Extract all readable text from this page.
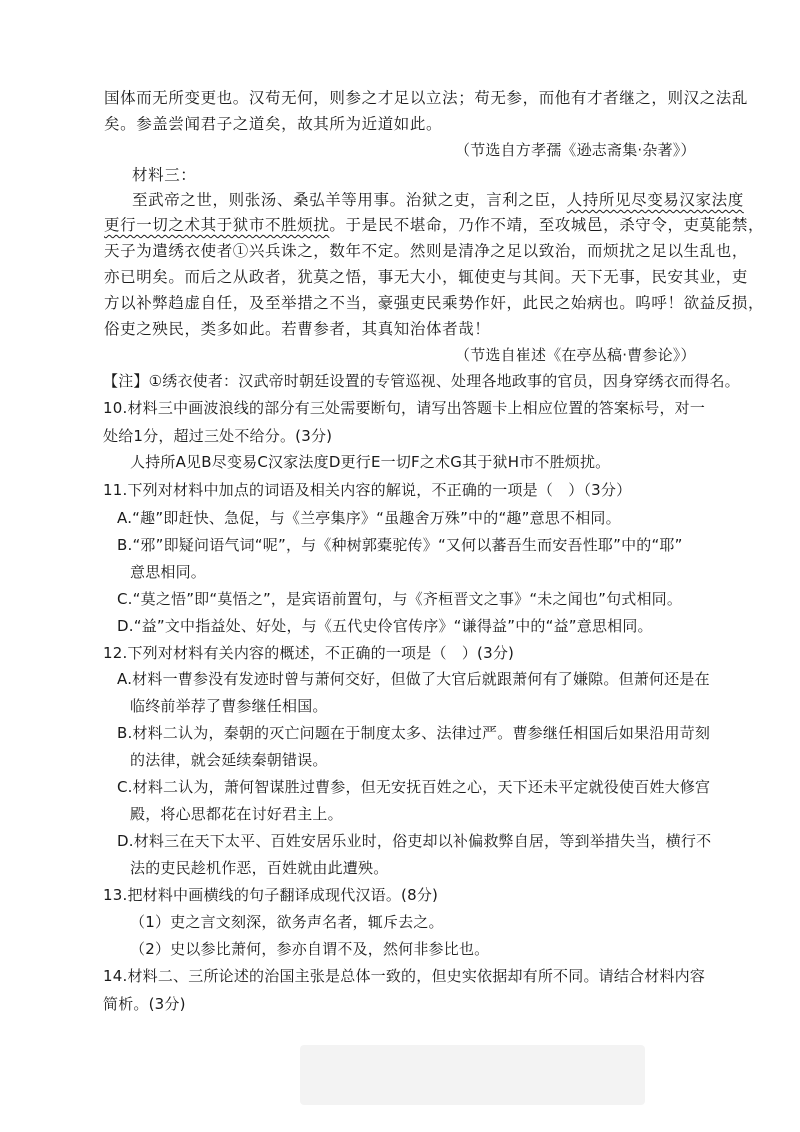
国体而无所变更也。汉苟无何，则参之才足以立法；苟无参，而他有才者继之，则汉之法乱
矣。参盖尝闻君子之道矣，故其所为近道如此。
（节选自方孝孺《逊志斋集·杂著》）
材料三：
至武帝之世，则张汤、桑弘羊等用事。治狱之吏，言利之臣，人持所见尽变易汉家法度
更行一切之术其于狱市不胜烦扰。于是民不堪命，乃作不靖，至攻城邑，杀守令，吏莫能禁，
天子为遣绣衣使者①兴兵诛之，数年不定。然则是清净之足以致治，而烦扰之足以生乱也，
亦已明矣。而后之从政者，犹莫之悟，事无大小，辄使吏与其间。天下无事，民安其业，吏
方以补弊趋虚自任，及至举措之不当，豪强吏民乘势作奸，此民之始病也。呜呼！欲益反损，
俗吏之殃民，类多如此。若曹参者，其真知治体者哉！
（节选自崔述《在亭丛稿·曹参论》）
【注】①绣衣使者：汉武帝时朝廷设置的专管巡视、处理各地政事的官员，因身穿绣衣而得名。
10.材料三中画波浪线的部分有三处需要断句，请写出答题卡上相应位置的答案标号，对一
处给1分，超过三处不给分。(3分)
人持所A见B尽变易C汉家法度D更行E一切F之术G其于狱H市不胜烦扰。
11.下列对材料中加点的词语及相关内容的解说，不正确的一项是（　）（3分）
A.“趣”即赶快、急促，与《兰亭集序》“虽趣舍万殊”中的“趣”意思不相同。
B.“邪”即疑问语气词“呢”，与《种树郭橐驼传》“又何以蕃吾生而安吾性耶”中的“耶”
意思相同。
C.“莫之悟”即“莫悟之”，是宾语前置句，与《齐桓晋文之事》“未之闻也”句式相同。
D.“益”文中指益处、好处，与《五代史伶官传序》“谦得益”中的“益”意思相同。
12.下列对材料有关内容的概述，不正确的一项是（　）(3分)
A.材料一曹参没有发迹时曾与萧何交好，但做了大官后就跟萧何有了嫌隙。但萧何还是在
临终前举荐了曹参继任相国。
B.材料二认为，秦朝的灭亡问题在于制度太多、法律过严。曹参继任相国后如果沿用苛刻
的法律，就会延续秦朝错误。
C.材料二认为，萧何智谋胜过曹参，但无安抚百姓之心，天下还未平定就役使百姓大修宫
殿，将心思都花在讨好君主上。
D.材料三在天下太平、百姓安居乐业时，俗吏却以补偏救弊自居，等到举措失当，横行不
法的吏民趁机作恶，百姓就由此遭殃。
13.把材料中画横线的句子翻译成现代汉语。(8分)
（1）吏之言文刻深，欲务声名者，辄斥去之。
（2）史以参比萧何，参亦自谓不及，然何非参比也。
14.材料二、三所论述的治国主张是总体一致的，但史实依据却有所不同。请结合材料内容
简析。(3分)
